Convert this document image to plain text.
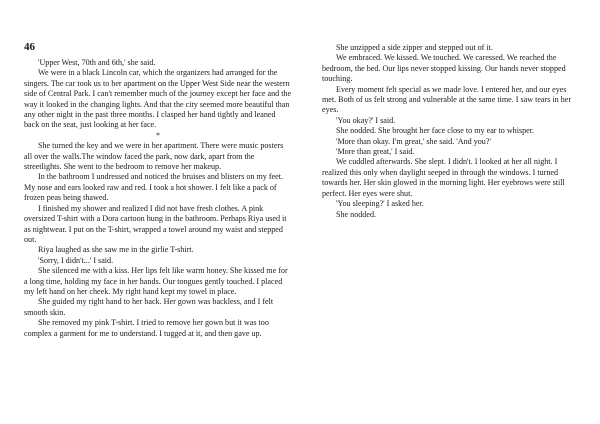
46

'Upper West, 70th and 6th,' she said.

We were in a black Lincoln car, which the organizers had arranged for the singers. The car took us to her apartment on the Upper West Side near the western side of Central Park. I can't remember much of the journey except her face and the way it looked in the changing lights. And that the city seemed more beautiful than any other night in the past three months. I clasped her hand tightly and leaned back on the seat, just looking at her face.

*

She turned the key and we were in her apartment. There were music posters all over the walls.The window faced the park, now dark, apart from the streetlights. She went to the bedroom to remove her makeup.

In the bathroom I undressed and noticed the bruises and blisters on my feet. My nose and ears looked raw and red. I took a hot shower. I felt like a pack of frozen peas being thawed.

I finished my shower and realized I did not have fresh clothes. A pink oversized T-shirt with a Dora cartoon hung in the bathroom. Perhaps Riya used it as nightwear. I put on the T-shirt, wrapped a towel around my waist and stepped out.

Riya laughed as she saw me in the girlie T-shirt.

'Sorry, I didn't...' I said.

She silenced me with a kiss. Her lips felt like warm honey. She kissed me for a long time, holding my face in her hands. Our tongues gently touched. I placed my left hand on her cheek. My right hand kept my towel in place.

She guided my right hand to her back. Her gown was backless, and I felt smooth skin.

She removed my pink T-shirt. I tried to remove her gown but it was too complex a garment for me to understand. I tugged at it, and then gave up.

She unzipped a side zipper and stepped out of it.

We embraced. We kissed. We touched. We caressed. We reached the bedroom, the bed. Our lips never stopped kissing. Our hands never stopped touching.

Every moment felt special as we made love. I entered her, and our eyes met. Both of us felt strong and vulnerable at the same time. I saw tears in her eyes.

'You okay?' I said.

She nodded. She brought her face close to my ear to whisper.

'More than okay. I'm great,' she said. 'And you?'

'More than great,' I said.

We cuddled afterwards. She slept. I didn't. I looked at her all night. I realized this only when daylight seeped in through the windows. I turned towards her. Her skin glowed in the morning light. Her eyebrows were still perfect. Her eyes were shut.

'You sleeping?' I asked her.

She nodded.
